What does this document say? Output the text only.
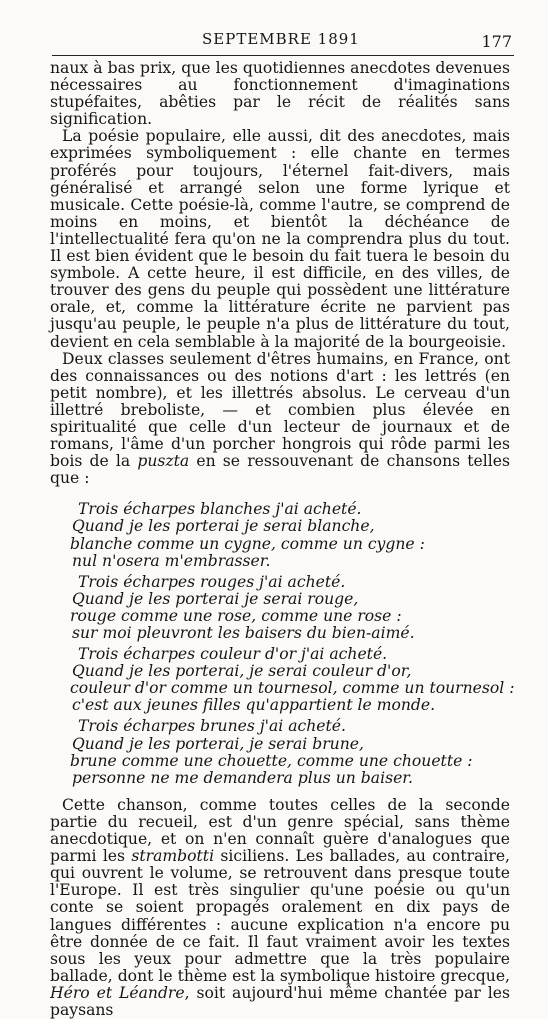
SEPTEMBRE 1891	177

naux à bas prix, que les quotidiennes anecdotes devenues nécessaires au fonctionnement d'imaginations stupéfaites, abêties par le récit de réalités sans signification.

La poésie populaire, elle aussi, dit des anecdotes, mais exprimées symboliquement : elle chante en termes proférés pour toujours, l'éternel fait-divers, mais généralisé et arrangé selon une forme lyrique et musicale. Cette poésie-là, comme l'autre, se comprend de moins en moins, et bientôt la déchéance de l'intellectualité fera qu'on ne la comprendra plus du tout. Il est bien évident que le besoin du fait tuera le besoin du symbole. A cette heure, il est difficile, en des villes, de trouver des gens du peuple qui possèdent une littérature orale, et, comme la littérature écrite ne parvient pas jusqu'au peuple, le peuple n'a plus de littérature du tout, devient en cela semblable à la majorité de la bourgeoisie.

Deux classes seulement d'êtres humains, en France, ont des connaissances ou des notions d'art : les lettrés (en petit nombre), et les illettrés absolus. Le cerveau d'un illettré breboliste, — et combien plus élevée en spiritualité que celle d'un lecteur de journaux et de romans, l'âme d'un porcher hongrois qui rôde parmi les bois de la puszta en se ressouvenant de chansons telles que :

Trois écharpes blanches j'ai acheté.
Quand je les porterai je serai blanche,
blanche comme un cygne, comme un cygne :
nul n'osera m'embrasser.
Trois écharpes rouges j'ai acheté.
Quand je les porterai je serai rouge,
rouge comme une rose, comme une rose :
sur moi pleuvront les baisers du bien-aimé.
Trois écharpes couleur d'or j'ai acheté.
Quand je les porterai, je serai couleur d'or,
couleur d'or comme un tournesol, comme un tournesol :
c'est aux jeunes filles qu'appartient le monde.
Trois écharpes brunes j'ai acheté.
Quand je les porterai, je serai brune,
brune comme une chouette, comme une chouette :
personne ne me demandera plus un baiser.

Cette chanson, comme toutes celles de la seconde partie du recueil, est d'un genre spécial, sans thème anecdotique, et on n'en connaît guère d'analogues que parmi les strambotti siciliens. Les ballades, au contraire, qui ouvrent le volume, se retrouvent dans presque toute l'Europe. Il est très singulier qu'une poésie ou qu'un conte se soient propagés oralement en dix pays de langues différentes : aucune explication n'a encore pu être donnée de ce fait. Il faut vraiment avoir les textes sous les yeux pour admettre que la très populaire ballade, dont le thème est la symbolique histoire grecque, Héro et Léandre, soit aujourd'hui même chantée par les paysans
